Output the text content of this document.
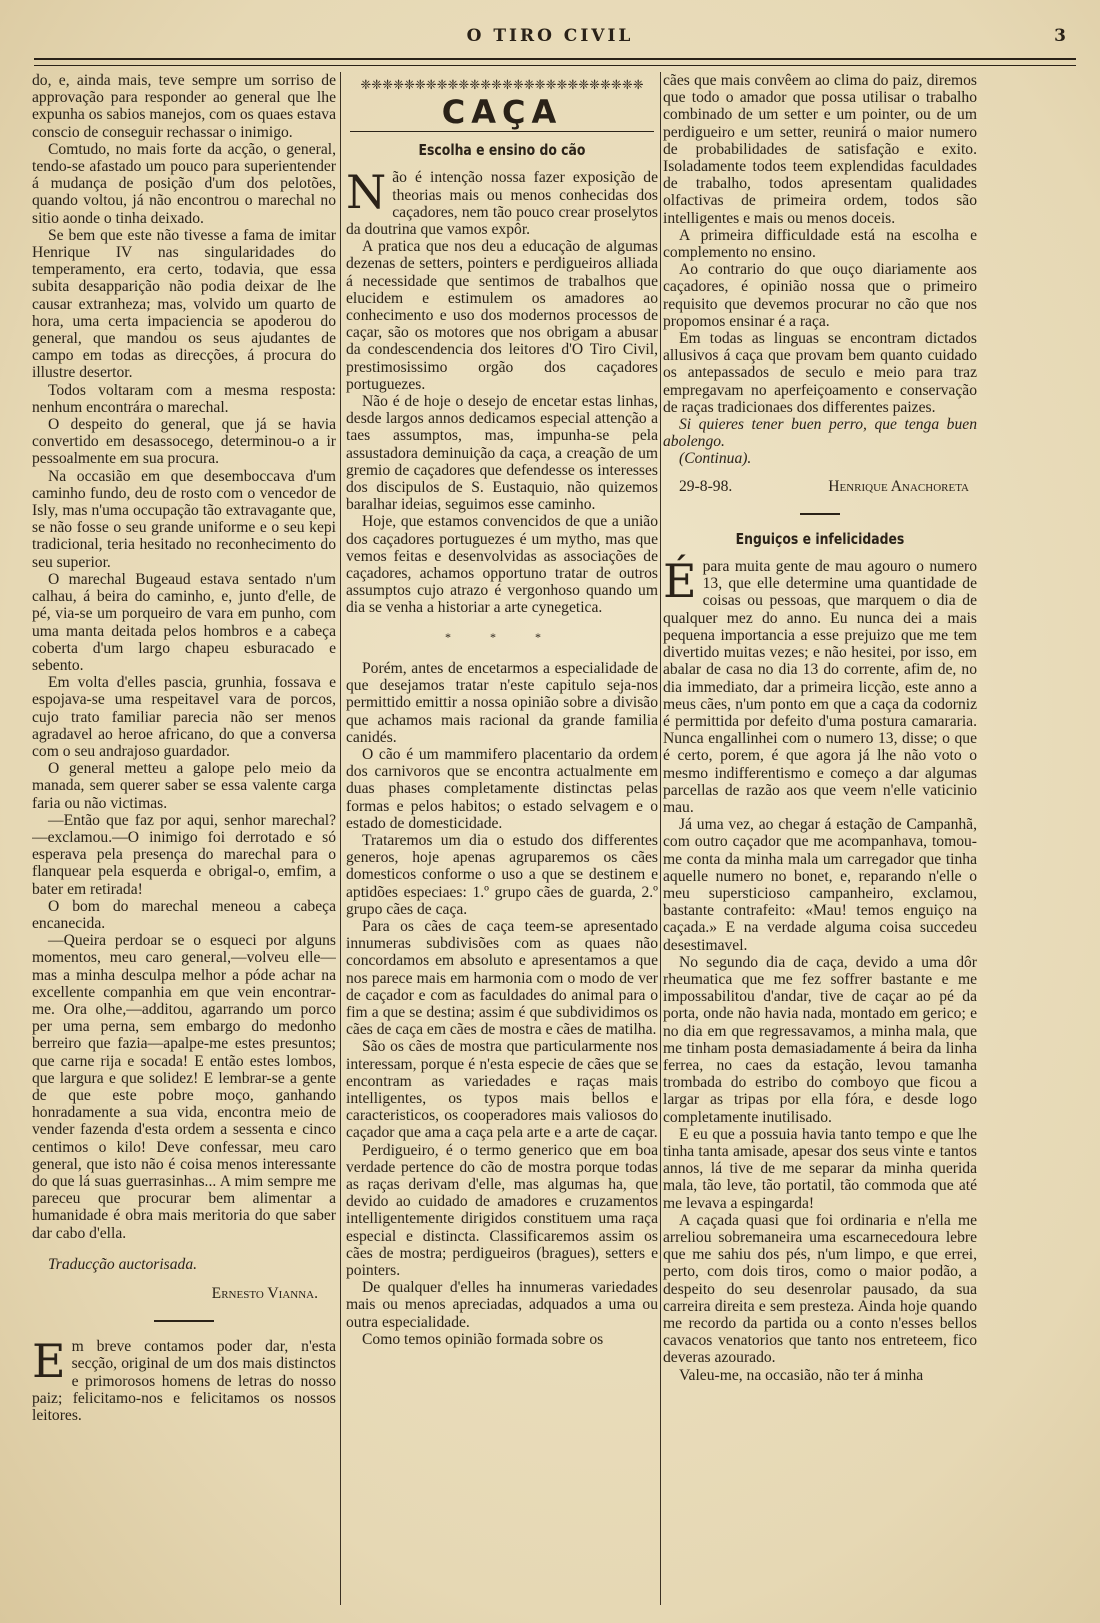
O TIRO CIVIL	3

do, e, ainda mais, teve sempre um sorriso de approvação para responder ao general que lhe expunha os sabios manejos, com os quaes estava conscio de conseguir rechassar o inimigo.

Comtudo, no mais forte da acção, o general, tendo-se afastado um pouco para superientender á mudança de posição d'um dos pelotões, quando voltou, já não encontrou o marechal no sitio aonde o tinha deixado.

Se bem que este não tivesse a fama de imitar Henrique IV nas singularidades do temperamento, era certo, todavia, que essa subita desapparição não podia deixar de lhe causar extranheza; mas, volvido um quarto de hora, uma certa impaciencia se apoderou do general, que mandou os seus ajudantes de campo em todas as direcções, á procura do illustre desertor.

Todos voltaram com a mesma resposta: nenhum encontrára o marechal.

O despeito do general, que já se havia convertido em desassocego, determinou-o a ir pessoalmente em sua procura.

Na occasião em que desemboccava d'um caminho fundo, deu de rosto com o vencedor de Isly, mas n'uma occupação tão extravagante que, se não fosse o seu grande uniforme e o seu kepi tradicional, teria hesitado no reconhecimento do seu superior.

O marechal Bugeaud estava sentado n'um calhau, á beira do caminho, e, junto d'elle, de pé, via-se um porqueiro de vara em punho, com uma manta deitada pelos hombros e a cabeça coberta d'um largo chapeu esburacado e sebento.

Em volta d'elles pascia, grunhia, fossava e espojava-se uma respeitavel vara de porcos, cujo trato familiar parecia não ser menos agradavel ao heroe africano, do que a conversa com o seu andrajoso guardador.

O general metteu a galope pelo meio da manada, sem querer saber se essa valente carga faria ou não victimas.

—Então que faz por aqui, senhor marechal?—exclamou.—O inimigo foi derrotado e só esperava pela presença do marechal para o flanquear pela esquerda e obrigal-o, emfim, a bater em retirada!

O bom do marechal meneou a cabeça encanecida.

—Queira perdoar se o esqueci por alguns momentos, meu caro general,—volveu elle—mas a minha desculpa melhor a póde achar na excellente companhia em que vein encontrar-me. Ora olhe,—additou, agarrando um porco per uma perna, sem embargo do medonho berreiro que fazia—apalpe-me estes presuntos; que carne rija e socada! E então estes lombos, que largura e que solidez! E lembrar-se a gente de que este pobre moço, ganhando honradamente a sua vida, encontra meio de vender fazenda d'esta ordem a sessenta e cinco centimos o kilo! Deve confessar, meu caro general, que isto não é coisa menos interessante do que lá suas guerrasinhas... A mim sempre me pareceu que procurar bem alimentar a humanidade é obra mais meritoria do que saber dar cabo d'ella.

Traducção auctorisada.

Ernesto Vianna.

Em breve contamos poder dar, n'esta secção, original de um dos mais distinctos e primorosos homens de letras do nosso paiz; felicitamo-nos e felicitamos os nossos leitores.

❈❈❈❈❈❈❈❈❈❈❈❈❈❈❈❈❈❈❈❈❈❈❈❈❈❈
CAÇA
Escolha e ensino do cão

Não é intenção nossa fazer exposição de theorias mais ou menos conhecidas dos caçadores, nem tão pouco crear proselytos da doutrina que vamos expôr.

A pratica que nos deu a educação de algumas dezenas de setters, pointers e perdigueiros alliada á necessidade que sentimos de trabalhos que elucidem e estimulem os amadores ao conhecimento e uso dos modernos processos de caçar, são os motores que nos obrigam a abusar da condescendencia dos leitores d'O Tiro Civil, prestimosissimo orgão dos caçadores portuguezes.

Não é de hoje o desejo de encetar estas linhas, desde largos annos dedicamos especial attenção a taes assumptos, mas, impunha-se pela assustadora deminuição da caça, a creação de um gremio de caçadores que defendesse os interesses dos discipulos de S. Eustaquio, não quizemos baralhar ideias, seguimos esse caminho.

Hoje, que estamos convencidos de que a união dos caçadores portuguezes é um mytho, mas que vemos feitas e desenvolvidas as associações de caçadores, achamos opportuno tratar de outros assumptos cujo atrazo é vergonhoso quando um dia se venha a historiar a arte cynegetica.

* * *

Porém, antes de encetarmos a especialidade de que desejamos tratar n'este capitulo seja-nos permittido emittir a nossa opinião sobre a divisão que achamos mais racional da grande familia canidés.

O cão é um mammifero placentario da ordem dos carnivoros que se encontra actualmente em duas phases completamente distinctas pelas formas e pelos habitos; o estado selvagem e o estado de domesticidade.

Trataremos um dia o estudo dos differentes generos, hoje apenas agruparemos os cães domesticos conforme o uso a que se destinem e aptidões especiaes: 1.º grupo cães de guarda, 2.º grupo cães de caça.

Para os cães de caça teem-se apresentado innumeras subdivisões com as quaes não concordamos em absoluto e apresentamos a que nos parece mais em harmonia com o modo de ver de caçador e com as faculdades do animal para o fim a que se destina; assim é que subdividimos os cães de caça em cães de mostra e cães de matilha.

São os cães de mostra que particularmente nos interessam, porque é n'esta especie de cães que se encontram as variedades e raças mais intelligentes, os typos mais bellos e caracteristicos, os cooperadores mais valiosos do caçador que ama a caça pela arte e a arte de caçar.

Perdigueiro, é o termo generico que em boa verdade pertence do cão de mostra porque todas as raças derivam d'elle, mas algumas ha, que devido ao cuidado de amadores e cruzamentos intelligentemente dirigidos constituem uma raça especial e distincta. Classificaremos assim os cães de mostra; perdigueiros (bragues), setters e pointers.

De qualquer d'elles ha innumeras variedades mais ou menos apreciadas, adquados a uma ou outra especialidade.

Como temos opinião formada sobre os

cães que mais convêem ao clima do paiz, diremos que todo o amador que possa utilisar o trabalho combinado de um setter e um pointer, ou de um perdigueiro e um setter, reunirá o maior numero de probabilidades de satisfação e exito. Isoladamente todos teem explendidas faculdades de trabalho, todos apresentam qualidades olfactivas de primeira ordem, todos são intelligentes e mais ou menos doceis.

A primeira difficuldade está na escolha e complemento no ensino.

Ao contrario do que ouço diariamente aos caçadores, é opinião nossa que o primeiro requisito que devemos procurar no cão que nos propomos ensinar é a raça.

Em todas as linguas se encontram dictados allusivos á caça que provam bem quanto cuidado os antepassados de seculo e meio para traz empregavam no aperfeiçoamento e conservação de raças tradicionaes dos differentes paizes.

Si quieres tener buen perro, que tenga buen abolengo.

(Continua).

29-8-98.	Henrique Anachoreta
Enguiços e infelicidades

Épara muita gente de mau agouro o numero 13, que elle determine uma quantidade de coisas ou pessoas, que marquem o dia de qualquer mez do anno. Eu nunca dei a mais pequena importancia a esse prejuizo que me tem divertido muitas vezes; e não hesitei, por isso, em abalar de casa no dia 13 do corrente, afim de, no dia immediato, dar a primeira licção, este anno a meus cães, n'um ponto em que a caça da codorniz é permittida por defeito d'uma postura camararia. Nunca engallinhei com o numero 13, disse; o que é certo, porem, é que agora já lhe não voto o mesmo indifferentismo e começo a dar algumas parcellas de razão aos que veem n'elle vaticinio mau.

Já uma vez, ao chegar á estação de Campanhã, com outro caçador que me acompanhava, tomou-me conta da minha mala um carregador que tinha aquelle numero no bonet, e, reparando n'elle o meu supersticioso campanheiro, exclamou, bastante contrafeito: «Mau! temos enguiço na caçada.» E na verdade alguma coisa succedeu desestimavel.

No segundo dia de caça, devido a uma dôr rheumatica que me fez soffrer bastante e me impossabilitou d'andar, tive de caçar ao pé da porta, onde não havia nada, montado em gerico; e no dia em que regressavamos, a minha mala, que me tinham posta demasiadamente á beira da linha ferrea, no caes da estação, levou tamanha trombada do estribo do comboyo que ficou a largar as tripas por ella fóra, e desde logo completamente inutilisado.

E eu que a possuia havia tanto tempo e que lhe tinha tanta amisade, apesar dos seus vinte e tantos annos, lá tive de me separar da minha querida mala, tão leve, tão portatil, tão commoda que até me levava a espingarda!

A caçada quasi que foi ordinaria e n'ella me arreliou sobremaneira uma escarnecedoura lebre que me sahiu dos pés, n'um limpo, e que errei, perto, com dois tiros, como o maior podão, a despeito do seu desenrolar pausado, da sua carreira direita e sem presteza. Ainda hoje quando me recordo da partida ou a conto n'esses bellos cavacos venatorios que tanto nos entreteem, fico deveras azourado.

Valeu-me, na occasião, não ter á minha
